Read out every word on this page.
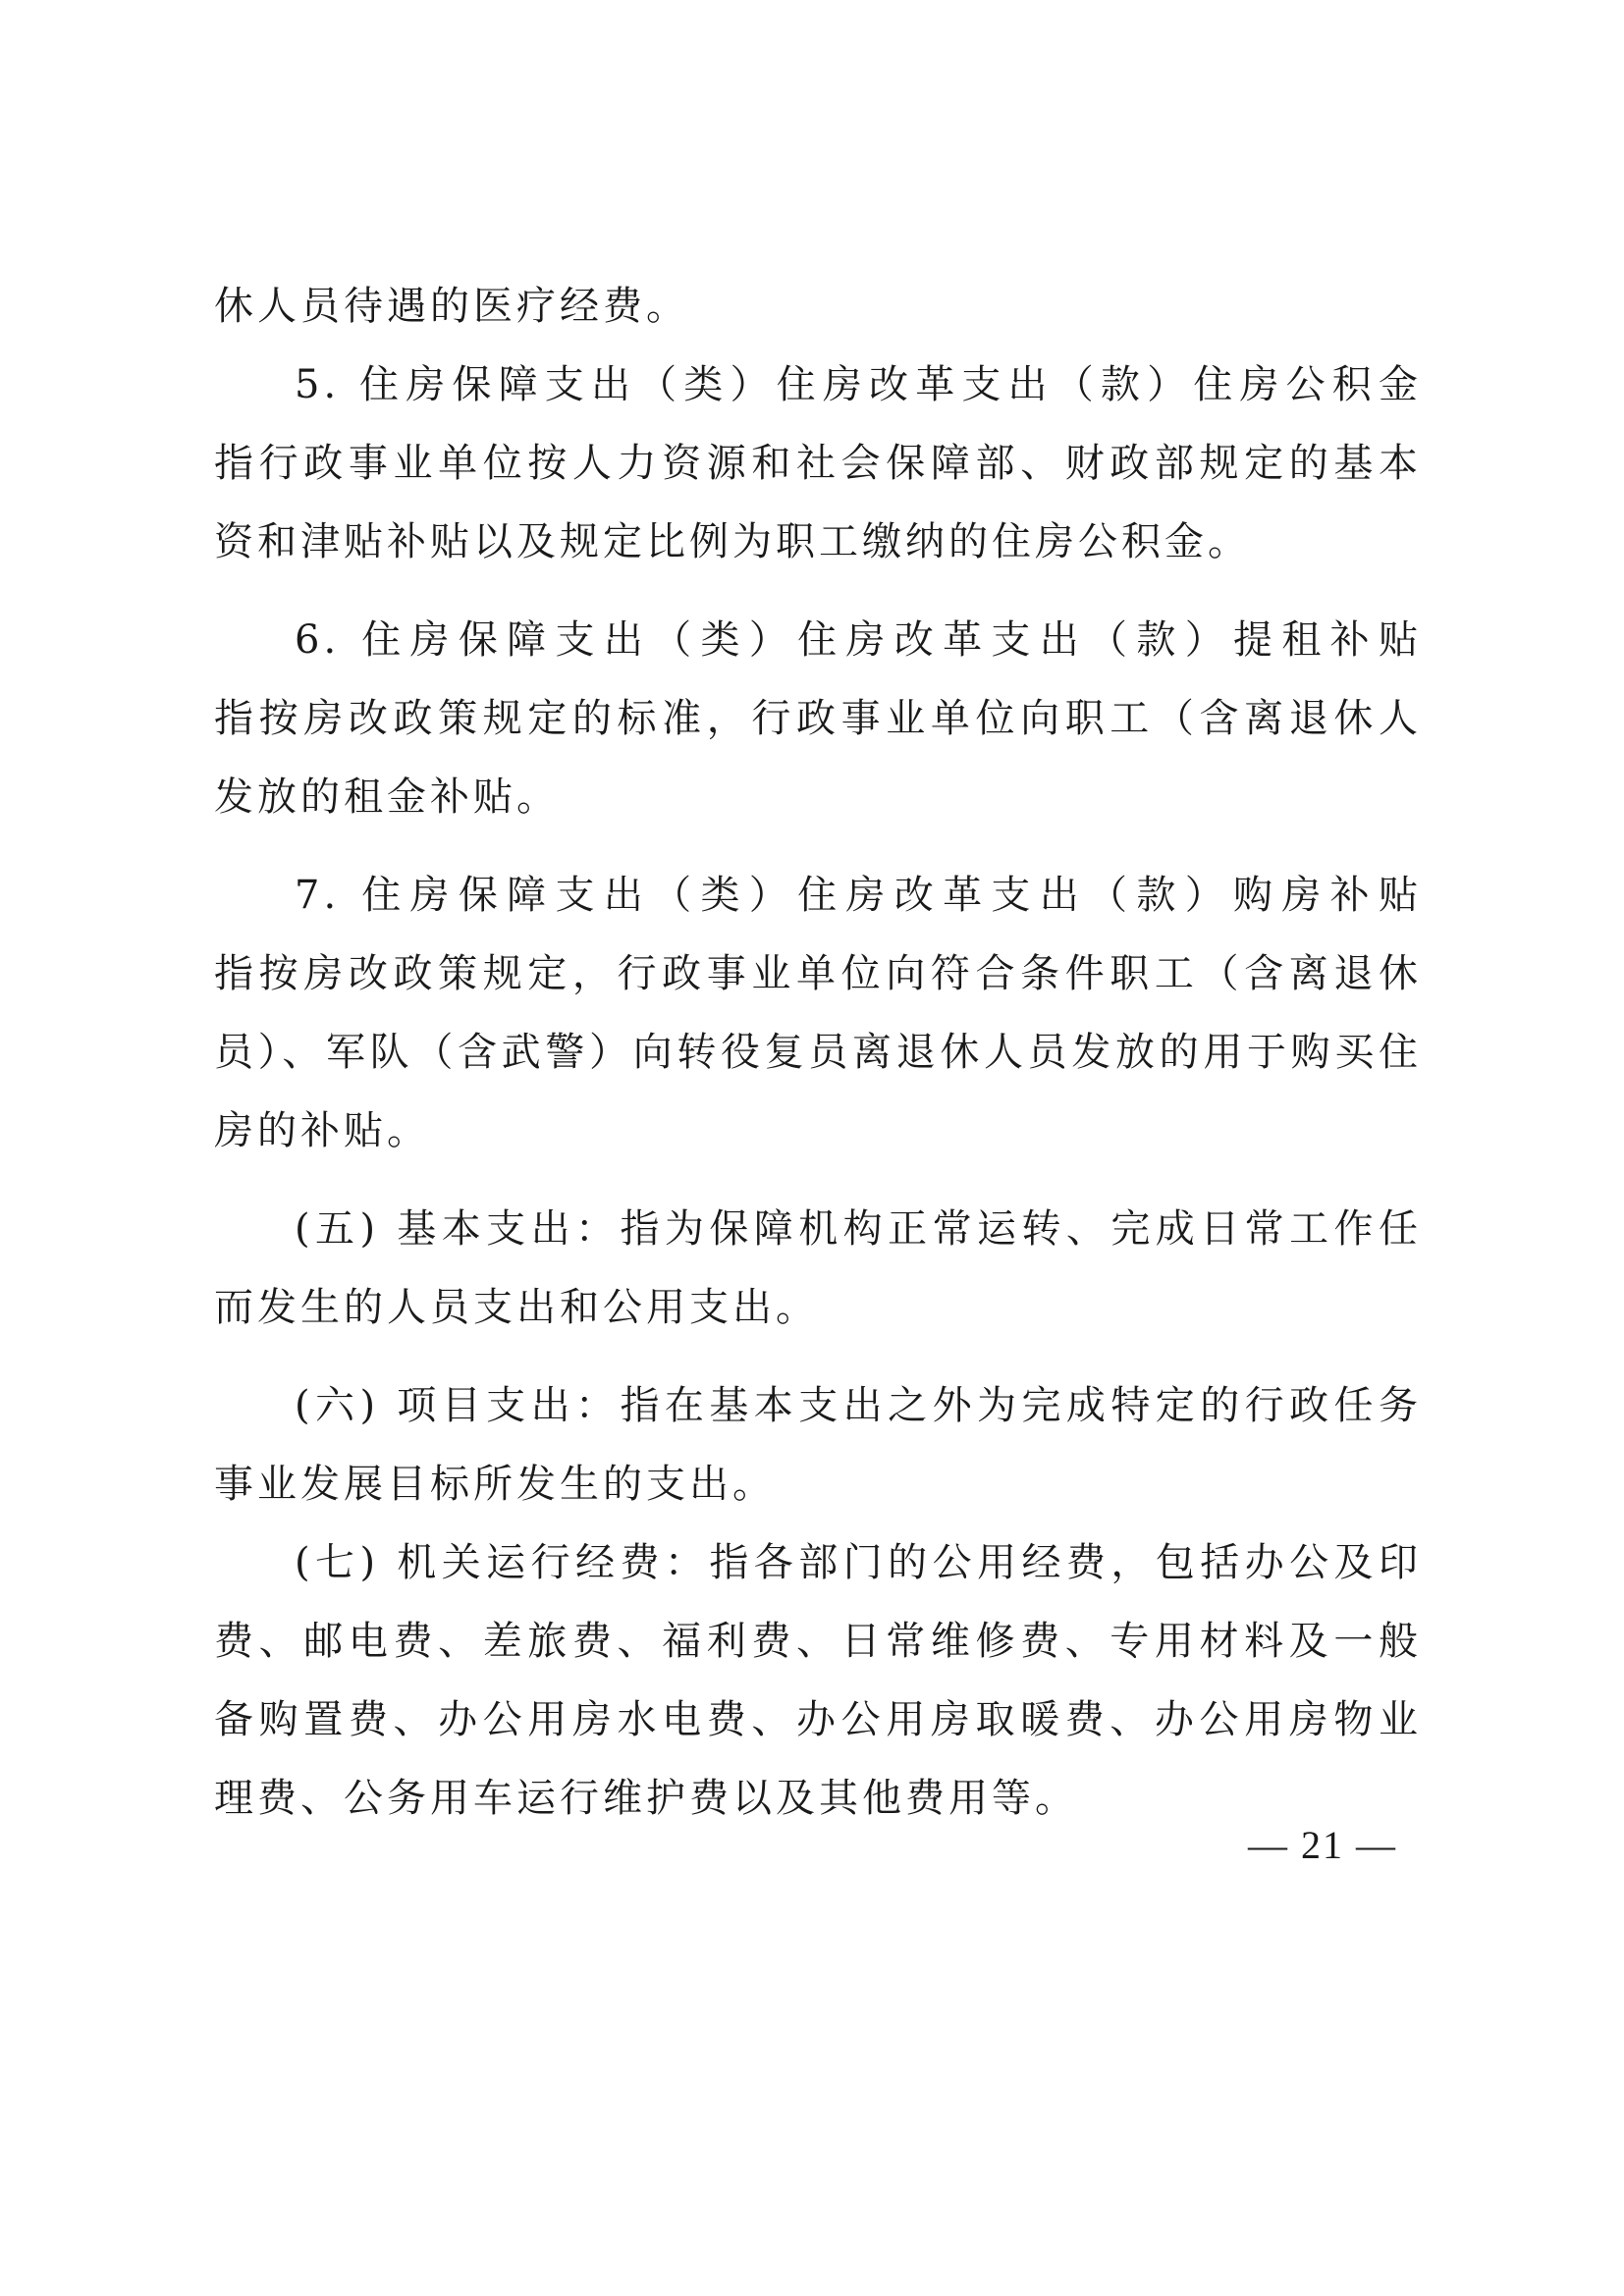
休人员待遇的医疗经费。
5. 住房保障支出（类）住房改革支出（款）住房公积金
指行政事业单位按人力资源和社会保障部、财政部规定的基本
资和津贴补贴以及规定比例为职工缴纳的住房公积金。
6. 住房保障支出（类）住房改革支出（款）提租补贴
指按房改政策规定的标准，行政事业单位向职工（含离退休人
发放的租金补贴。
7. 住房保障支出（类）住房改革支出（款）购房补贴
指按房改政策规定，行政事业单位向符合条件职工（含离退休
员）、军队（含武警）向转役复员离退休人员发放的用于购买住
房的补贴。
(五) 基本支出：指为保障机构正常运转、完成日常工作任
而发生的人员支出和公用支出。
(六) 项目支出：指在基本支出之外为完成特定的行政任务
事业发展目标所发生的支出。
(七) 机关运行经费：指各部门的公用经费，包括办公及印
费、邮电费、差旅费、福利费、日常维修费、专用材料及一般
备购置费、办公用房水电费、办公用房取暖费、办公用房物业
理费、公务用车运行维护费以及其他费用等。
— 21 —
